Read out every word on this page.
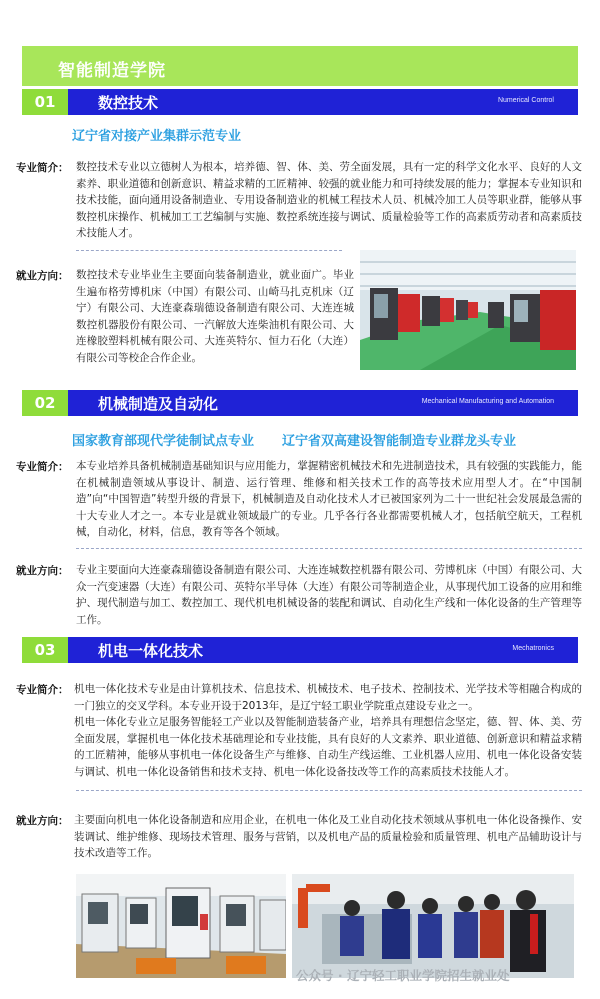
智能制造学院
01	数控技术	Numerical Control
辽宁省对接产业集群示范专业
专业简介： 数控技术专业以立德树人为根本，培养德、智、体、美、劳全面发展，具有一定的科学文化水平、良好的人文素养、职业道德和创新意识、精益求精的工匠精神、较强的就业能力和可持续发展的能力；掌握本专业知识和技术技能，面向通用设备制造业、专用设备制造业的机械工程技术人员、机械冷加工人员等职业群，能够从事数控机床操作、机械加工工艺编制与实施、数控系统连接与调试、质量检验等工作的高素质劳动者和高素质技术技能人才。
就业方向： 数控技术专业毕业生主要面向装备制造业，就业面广。毕业生遍布格劳博机床（中国）有限公司、山崎马扎克机床（辽宁）有限公司、大连豪森瑞德设备制造有限公司、大连连城数控机器股份有限公司、一汽解放大连柴油机有限公司、大连橡胶塑料机械有限公司、大连英特尔、恒力石化（大连）有限公司等校企合作企业。
02	机械制造及自动化	Mechanical Manufacturing and Automation
国家教育部现代学徒制试点专业 辽宁省双高建设智能制造专业群龙头专业
专业简介： 本专业培养具备机械制造基础知识与应用能力，掌握精密机械技术和先进制造技术，具有较强的实践能力，能在机械制造领域从事设计、制造、运行管理、维修和相关技术工作的高等技术应用型人才。在“中国制造”向“中国智造”转型升级的背景下，机械制造及自动化技术人才已被国家列为二十一世纪社会发展最急需的十大专业人才之一。本专业是就业领域最广的专业。几乎各行各业都需要机械人才，包括航空航天，工程机械，自动化，材料，信息，教育等各个领域。
就业方向： 专业主要面向大连豪森瑞德设备制造有限公司、大连连城数控机器有限公司、劳博机床（中国）有限公司、大众一汽变速器（大连）有限公司、英特尔半导体（大连）有限公司等制造企业，从事现代加工设备的应用和维护、现代制造与加工、数控加工、现代机电机械设备的装配和调试、自动化生产线和一体化设备的生产管理等工作。
03	机电一体化技术	Mechatronics
专业简介： 机电一体化技术专业是由计算机技术、信息技术、机械技术、电子技术、控制技术、光学技术等相融合构成的一门独立的交叉学科。本专业开设于2013年，是辽宁轻工职业学院重点建设专业之一。
机电一体化专业立足服务智能轻工产业以及智能制造装备产业，培养具有理想信念坚定，德、智、体、美、劳全面发展，掌握机电一体化技术基础理论和专业技能，具有良好的人文素养、职业道德、创新意识和精益求精的工匠精神，能够从事机电一体化设备生产与维修、自动生产线运维、工业机器人应用、机电一体化设备安装与调试、机电一体化设备销售和技术支持、机电一体化设备技改等工作的高素质技术技能人才。
就业方向： 主要面向机电一体化设备制造和应用企业，在机电一体化及工业自动化技术领域从事机电一体化设备操作、安装调试、维护维修、现场技术管理、服务与营销，以及机电产品的质量检验和质量管理、机电产品辅助设计与技术改造等工作。
公众号 · 辽宁轻工职业学院招生就业处
